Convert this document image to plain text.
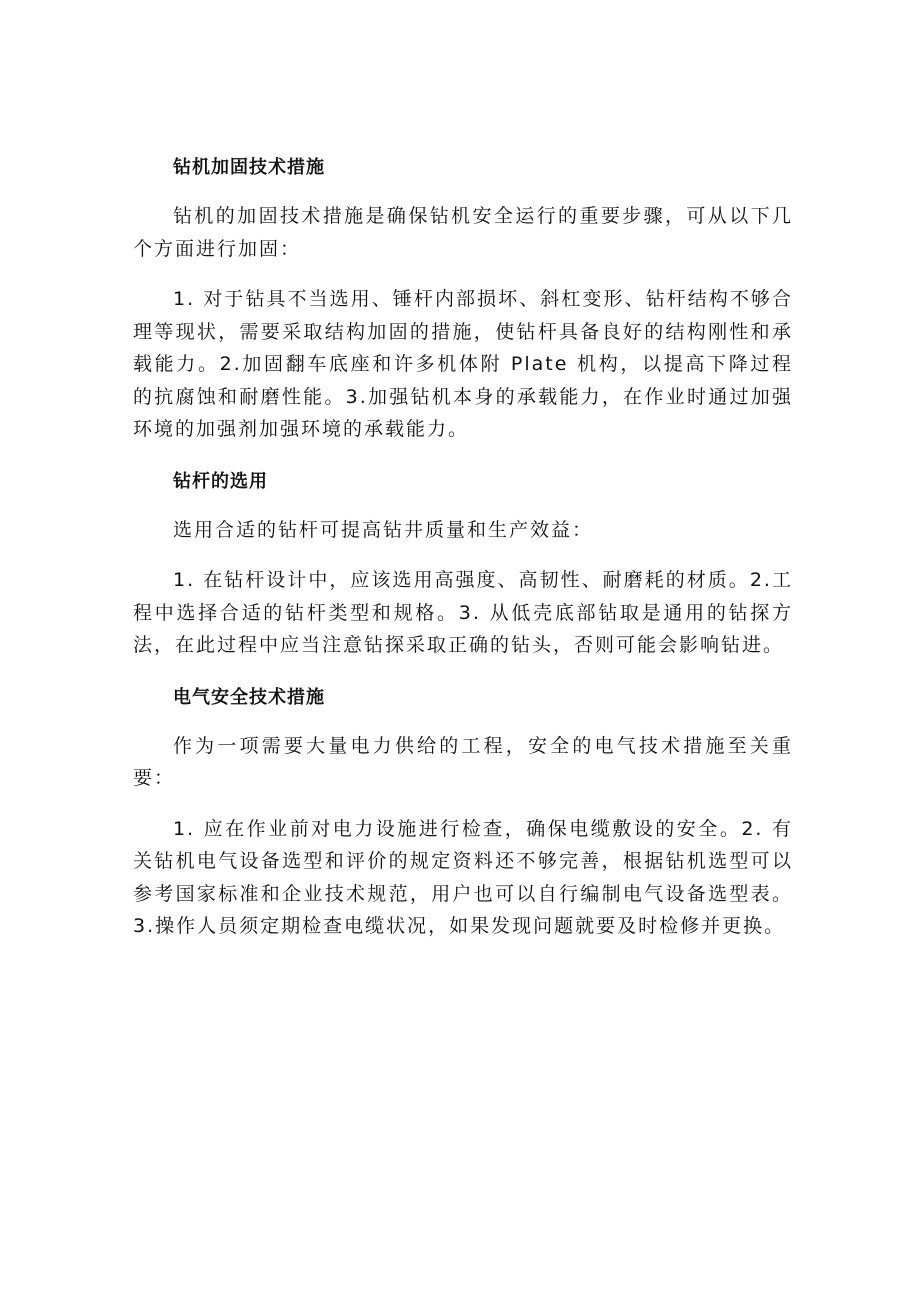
钻机加固技术措施

钻机的加固技术措施是确保钻机安全运行的重要步骤，可从以下几个方面进行加固：

1. 对于钻具不当选用、锤杆内部损坏、斜杠变形、钻杆结构不够合理等现状，需要采取结构加固的措施，使钻杆具备良好的结构刚性和承载能力。2.加固翻车底座和许多机体附 Plate 机构，以提高下降过程的抗腐蚀和耐磨性能。3.加强钻机本身的承载能力，在作业时通过加强环境的加强剂加强环境的承载能力。

钻杆的选用

选用合适的钻杆可提高钻井质量和生产效益：

1. 在钻杆设计中，应该选用高强度、高韧性、耐磨耗的材质。2.工程中选择合适的钻杆类型和规格。3. 从低壳底部钻取是通用的钻探方法，在此过程中应当注意钻探采取正确的钻头，否则可能会影响钻进。

电气安全技术措施

作为一项需要大量电力供给的工程，安全的电气技术措施至关重要：

1. 应在作业前对电力设施进行检查，确保电缆敷设的安全。2. 有关钻机电气设备选型和评价的规定资料还不够完善，根据钻机选型可以参考国家标准和企业技术规范，用户也可以自行编制电气设备选型表。3.操作人员须定期检查电缆状况，如果发现问题就要及时检修并更换。
